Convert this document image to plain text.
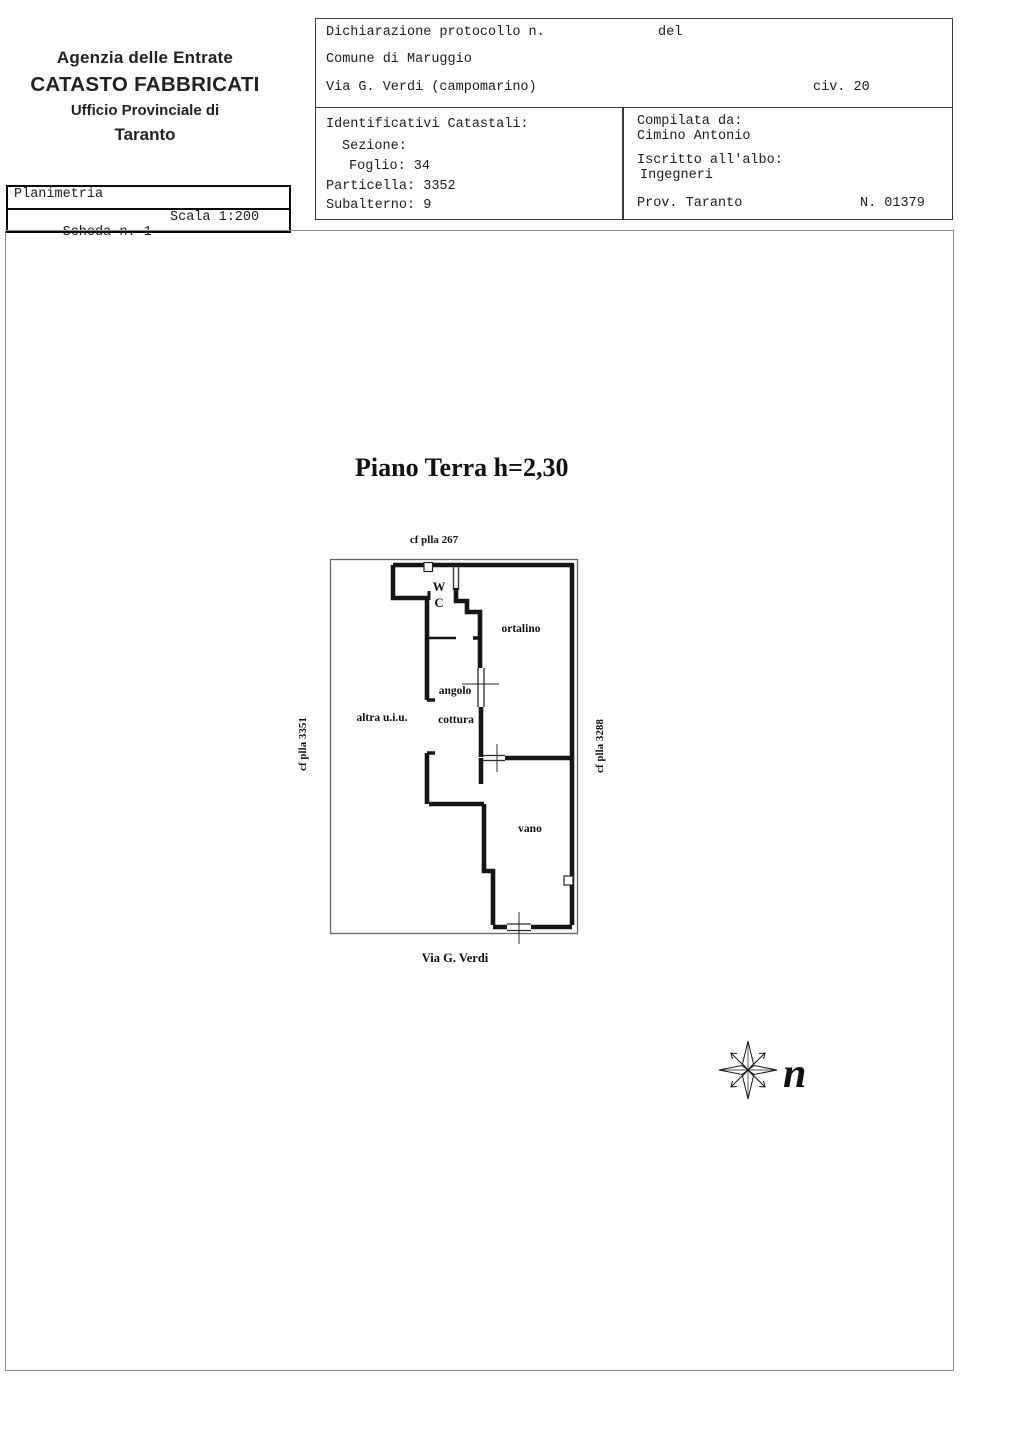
Agenzia delle Entrate
CATASTO FABBRICATI
Ufficio Provinciale di
Taranto
Planimetria

Scheda n. 1

Scala 1:200

Dichiarazione protocollo n.	del
Comune di Maruggio
Via G. Verdi (campomarino)	civ. 20
Identificativi Catastali:
Sezione:
Foglio: 34
Particella: 3352
Subalterno: 9
Compilata da:
Cimino Antonio
Iscritto all'albo:
Ingegneri
Prov. Taranto	N. 01379
Piano Terra h=2,30
cf plla 267
W
C
ortalino
angolo
cottura
altra u.i.u.
vano
Via G. Verdi
cf plla 3351	cf plla 3288
n
